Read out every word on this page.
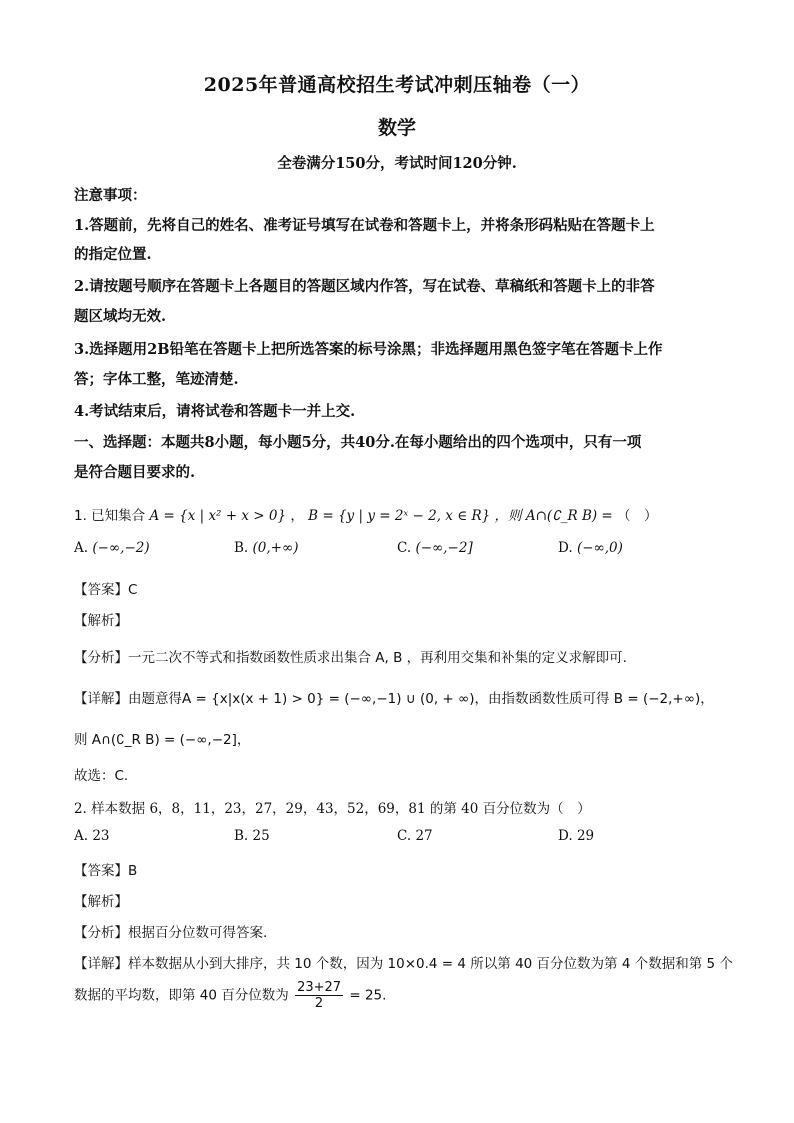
2025年普通高校招生考试冲刺压轴卷（一）
数学
全卷满分150分，考试时间120分钟.
注意事项：
1.答题前，先将自己的姓名、准考证号填写在试卷和答题卡上，并将条形码粘贴在答题卡上
的指定位置.
2.请按题号顺序在答题卡上各题目的答题区域内作答，写在试卷、草稿纸和答题卡上的非答
题区域均无效.
3.选择题用2B铅笔在答题卡上把所选答案的标号涂黑；非选择题用黑色签字笔在答题卡上作
答；字体工整，笔迹清楚.
4.考试结束后，请将试卷和答题卡一并上交.
一、选择题：本题共8小题，每小题5分，共40分.在每小题给出的四个选项中，只有一项
是符合题目要求的.
1. 已知集合 A = {x | x² + x > 0} ， B = {y | y = 2ˣ − 2, x ∈ R} ，则 A∩(∁_R B) = （　）
A. (−∞,−2)	B. (0,+∞)	C. (−∞,−2]	D. (−∞,0)
【答案】C
【解析】
【分析】一元二次不等式和指数函数性质求出集合 A, B ，再利用交集和补集的定义求解即可.
【详解】由题意得A = {x|x(x + 1) > 0} = (−∞,−1) ∪ (0, + ∞)，由指数函数性质可得 B = (−2,+∞)，
则 A∩(∁_R B) = (−∞,−2]，
故选：C.
2. 样本数据 6，8，11，23，27，29，43，52，69，81 的第 40 百分位数为（　）
A. 23	B. 25	C. 27	D. 29
【答案】B
【解析】
【分析】根据百分位数可得答案.
【详解】样本数据从小到大排序，共 10 个数，因为 10×0.4 = 4 所以第 40 百分位数为第 4 个数据和第 5 个
数据的平均数，即第 40 百分位数为 $\frac{23+27}{2} = 25$.
